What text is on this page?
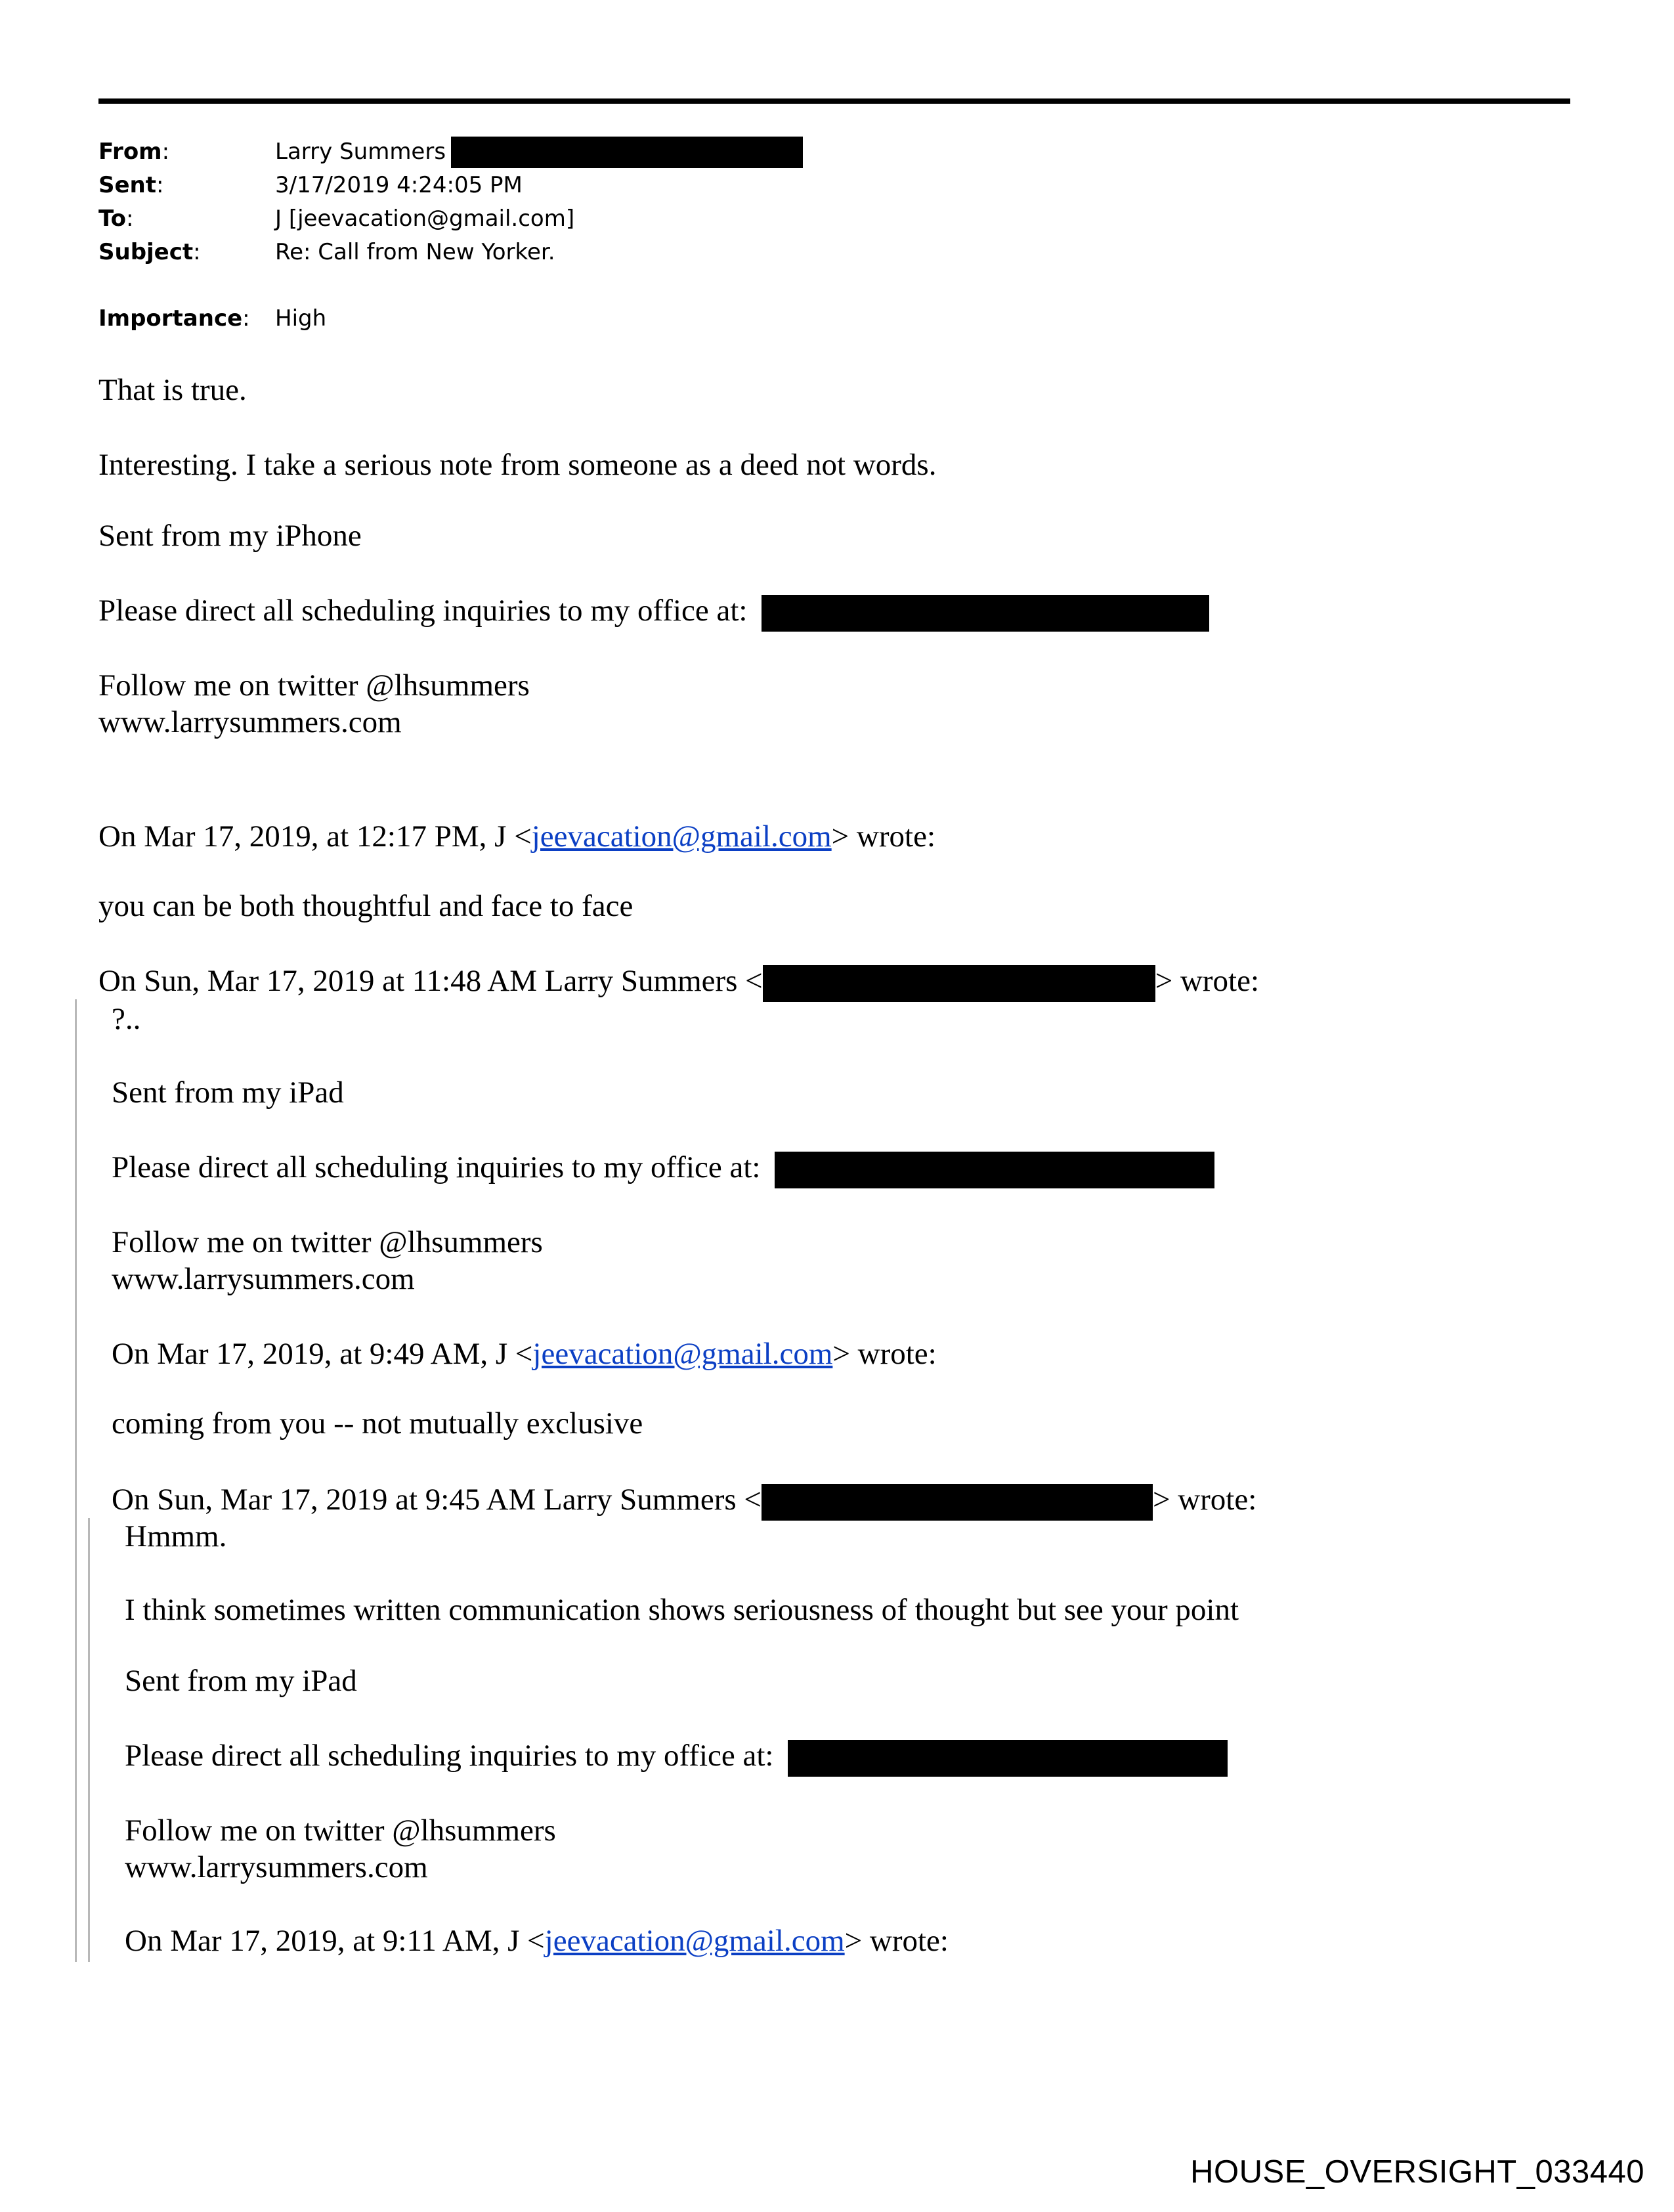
From:	Larry Summers
Sent:	3/17/2019 4:24:05 PM
To:	J [jeevacation@gmail.com]
Subject:	Re: Call from New Yorker.
Importance:	High
That is true.
Interesting. I take a serious note from someone as a deed not words.
Sent from my iPhone
Please direct all scheduling inquiries to my office at:
Follow me on twitter @lhsummers
www.larrysummers.com
On Mar 17, 2019, at 12:17 PM, J <jeevacation@gmail.com> wrote:
you can be both thoughtful and face to face
On Sun, Mar 17, 2019 at 11:48 AM Larry Summers <	> wrote:
?..
Sent from my iPad
Please direct all scheduling inquiries to my office at:
Follow me on twitter @lhsummers
www.larrysummers.com
On Mar 17, 2019, at 9:49 AM, J <jeevacation@gmail.com> wrote:
coming from you -- not mutually exclusive
On Sun, Mar 17, 2019 at 9:45 AM Larry Summers <	> wrote:
Hmmm.
I think sometimes written communication shows seriousness of thought but see your point
Sent from my iPad
Please direct all scheduling inquiries to my office at:
Follow me on twitter @lhsummers
www.larrysummers.com
On Mar 17, 2019, at 9:11 AM, J <jeevacation@gmail.com> wrote:
HOUSE_OVERSIGHT_033440
